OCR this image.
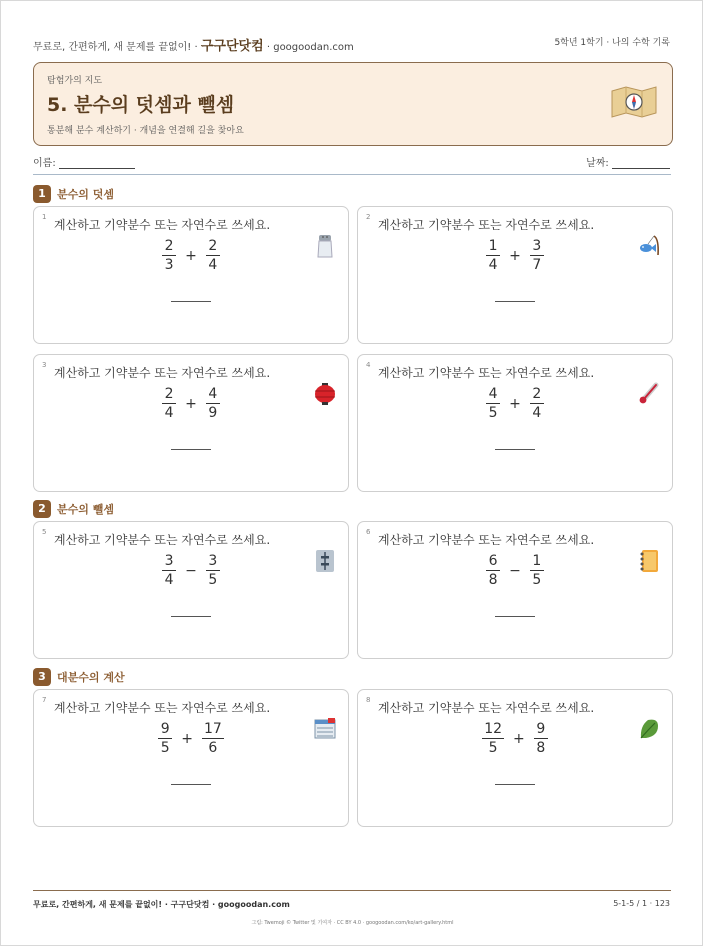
무료로, 간편하게, 새 문제를 끝없이! · 구구단닷컴 · googoodan.com	5학년 1학기 · 나의 수학 기록
탐험가의 지도
5. 분수의 덧셈과 뺄셈
통분해 분수 계산하기 · 개념을 연결해 길을 찾아요
이름:	날짜:
1 분수의 덧셈
1
계산하고 기약분수 또는 자연수로 쓰세요.
$\frac{2}{3} + \frac{2}{4}$
2
계산하고 기약분수 또는 자연수로 쓰세요.
$\frac{1}{4} + \frac{3}{7}$
3
계산하고 기약분수 또는 자연수로 쓰세요.
$\frac{2}{4} + \frac{4}{9}$
4
계산하고 기약분수 또는 자연수로 쓰세요.
$\frac{4}{5} + \frac{2}{4}$
2 분수의 뺄셈
5
계산하고 기약분수 또는 자연수로 쓰세요.
$\frac{3}{4} - \frac{3}{5}$
6
계산하고 기약분수 또는 자연수로 쓰세요.
$\frac{6}{8} - \frac{1}{5}$
3 대분수의 계산
7
계산하고 기약분수 또는 자연수로 쓰세요.
$\frac{9}{5} + \frac{17}{6}$
8
계산하고 기약분수 또는 자연수로 쓰세요.
$\frac{12}{5} + \frac{9}{8}$
무료로, 간편하게, 새 문제를 끝없이! · 구구단닷컴 · googoodan.com	5-1-5 / 1 · 123
그림: Twemoji © Twitter 및 기여자 · CC BY 4.0 · googoodan.com/ko/art-gallery.html
